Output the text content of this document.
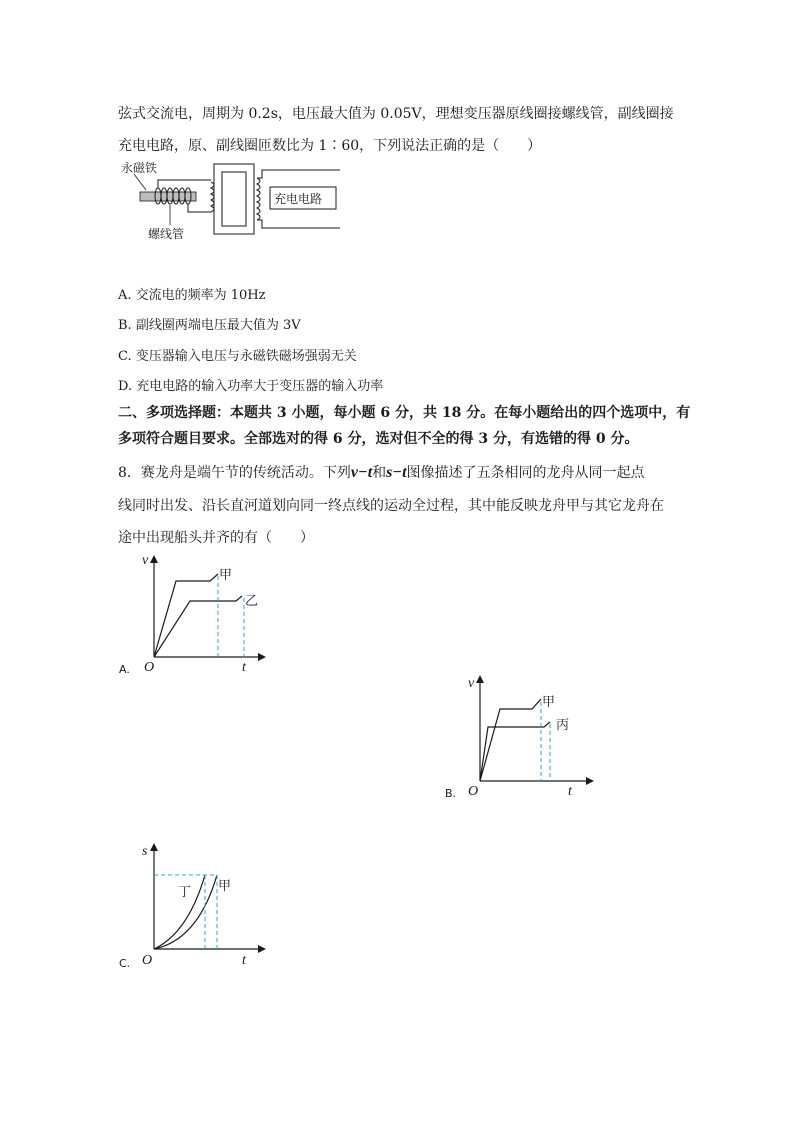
弦式交流电，周期为 0.2s，电压最大值为 0.05V，理想变压器原线圈接螺线管，副线圈接
充电电路，原、副线圈匝数比为 1∶60，下列说法正确的是（　　）
永磁铁
螺线管
充电电路
A. 交流电的频率为 10Hz
B. 副线圈两端电压最大值为 3V
C. 变压器输入电压与永磁铁磁场强弱无关
D. 充电电路的输入功率大于变压器的输入功率
二、多项选择题：本题共 3 小题，每小题 6 分，共 18 分。在每小题给出的四个选项中，有
多项符合题目要求。全部选对的得 6 分，选对但不全的得 3 分，有选错的得 0 分。
8．赛龙舟是端午节的传统活动。下列v−t和s−t图像描述了五条相同的龙舟从同一起点
线同时出发、沿长直河道划向同一终点线的运动全过程，其中能反映龙舟甲与其它龙舟在
途中出现船头并齐的有（　　）
A.
v
t
O
甲
乙
B.
v
t
O
甲
丙
C.
s
t
O
丁 甲
